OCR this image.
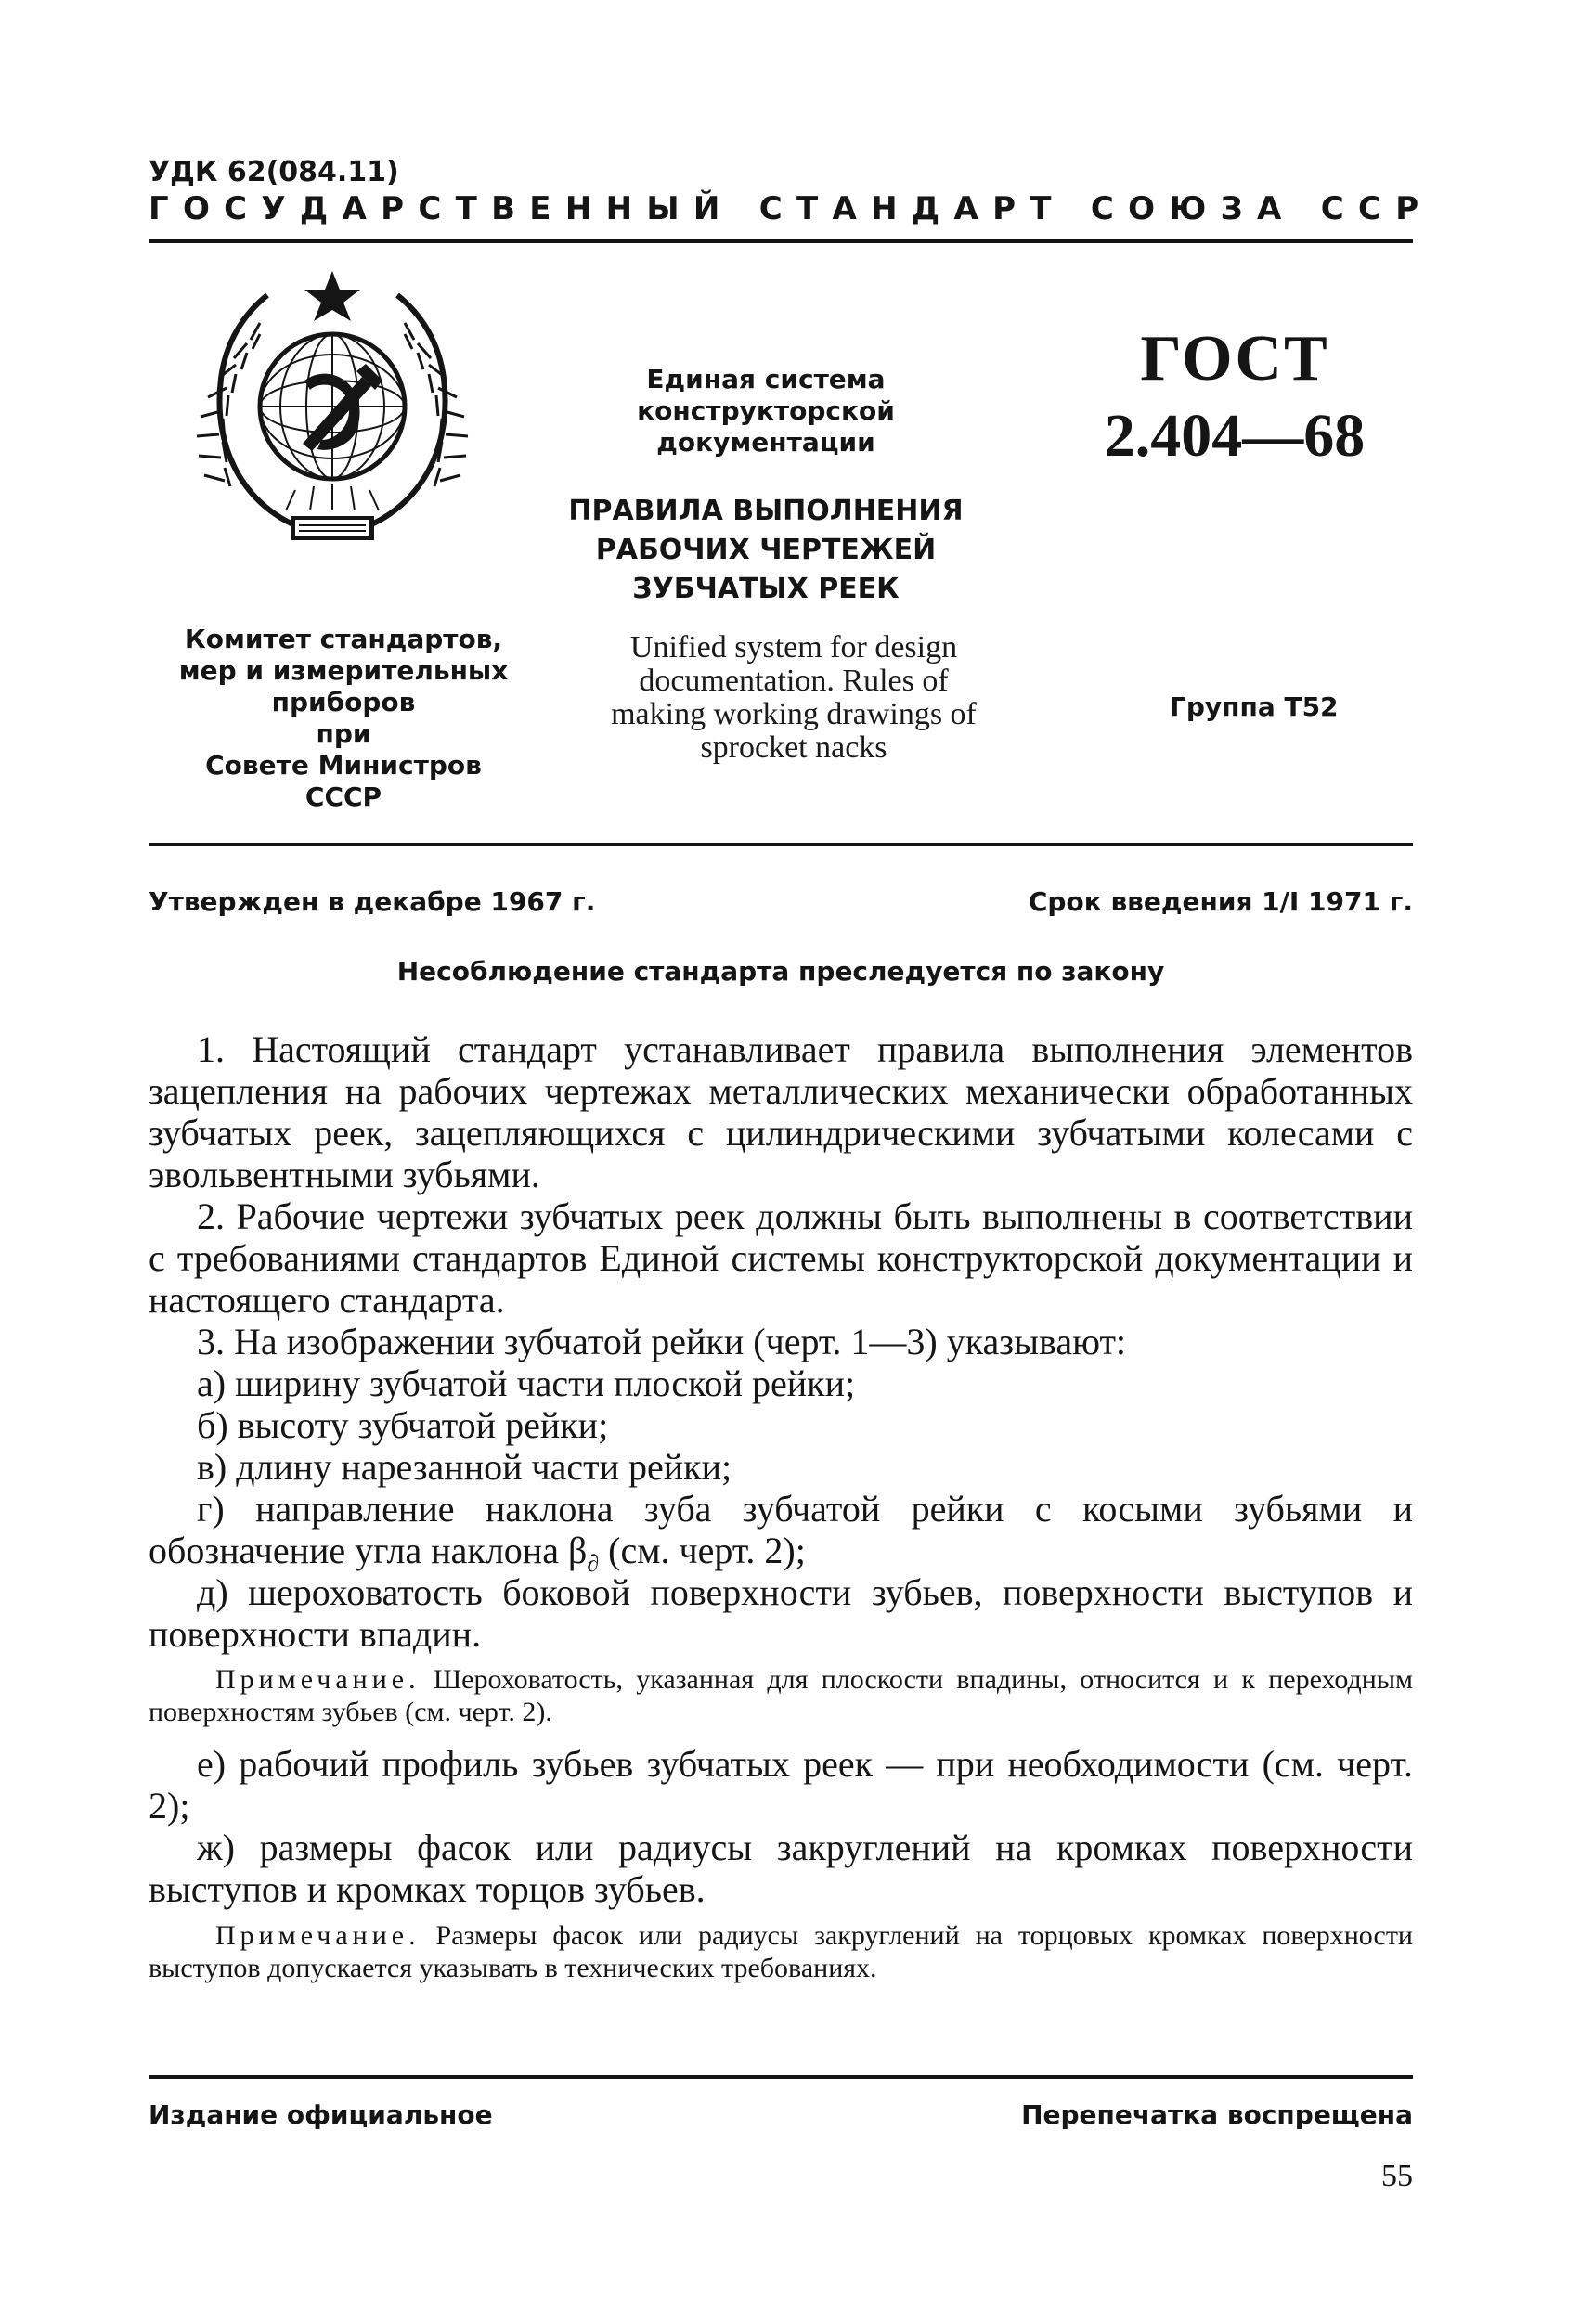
УДК 62(084.11)
ГОСУДАРСТВЕННЫЙ СТАНДАРТ СОЮЗА ССР
Единая система
конструкторской
документации
ПРАВИЛА ВЫПОЛНЕНИЯ
РАБОЧИХ ЧЕРТЕЖЕЙ
ЗУБЧАТЫХ РЕЕК
Unified system for design
documentation. Rules of
making working drawings of
sprocket nacks
ГОСТ
2.404—68
Группа Т52
Комитет стандартов,
мер и измерительных
приборов
при
Совете Министров
СССР
Утвержден в декабре 1967 г.	Срок введения 1/I 1971 г.
Несоблюдение стандарта преследуется по закону
1. Настоящий стандарт устанавливает правила выполнения элементов зацепления на рабочих чертежах металлических механически обработанных зубчатых реек, зацепляющихся с цилиндрическими зубчатыми колесами с эвольвентными зубьями.
2. Рабочие чертежи зубчатых реек должны быть выполнены в соответствии с требованиями стандартов Единой системы конструкторской документации и настоящего стандарта.
3. На изображении зубчатой рейки (черт. 1—3) указывают:
а) ширину зубчатой части плоской рейки;
б) высоту зубчатой рейки;
в) длину нарезанной части рейки;
г) направление наклона зуба зубчатой рейки с косыми зубьями и обозначение угла наклона $\beta_\partial$ (см. черт. 2);
д) шероховатость боковой поверхности зубьев, поверхности выступов и поверхности впадин.
Примечание. Шероховатость, указанная для плоскости впадины, относится и к переходным поверхностям зубьев (см. черт. 2).
е) рабочий профиль зубьев зубчатых реек — при необходимости (см. черт. 2);
ж) размеры фасок или радиусы закруглений на кромках поверхности выступов и кромках торцов зубьев.
Примечание. Размеры фасок или радиусы закруглений на торцовых кромках поверхности выступов допускается указывать в технических требованиях.
Издание официальное	Перепечатка воспрещена
55
